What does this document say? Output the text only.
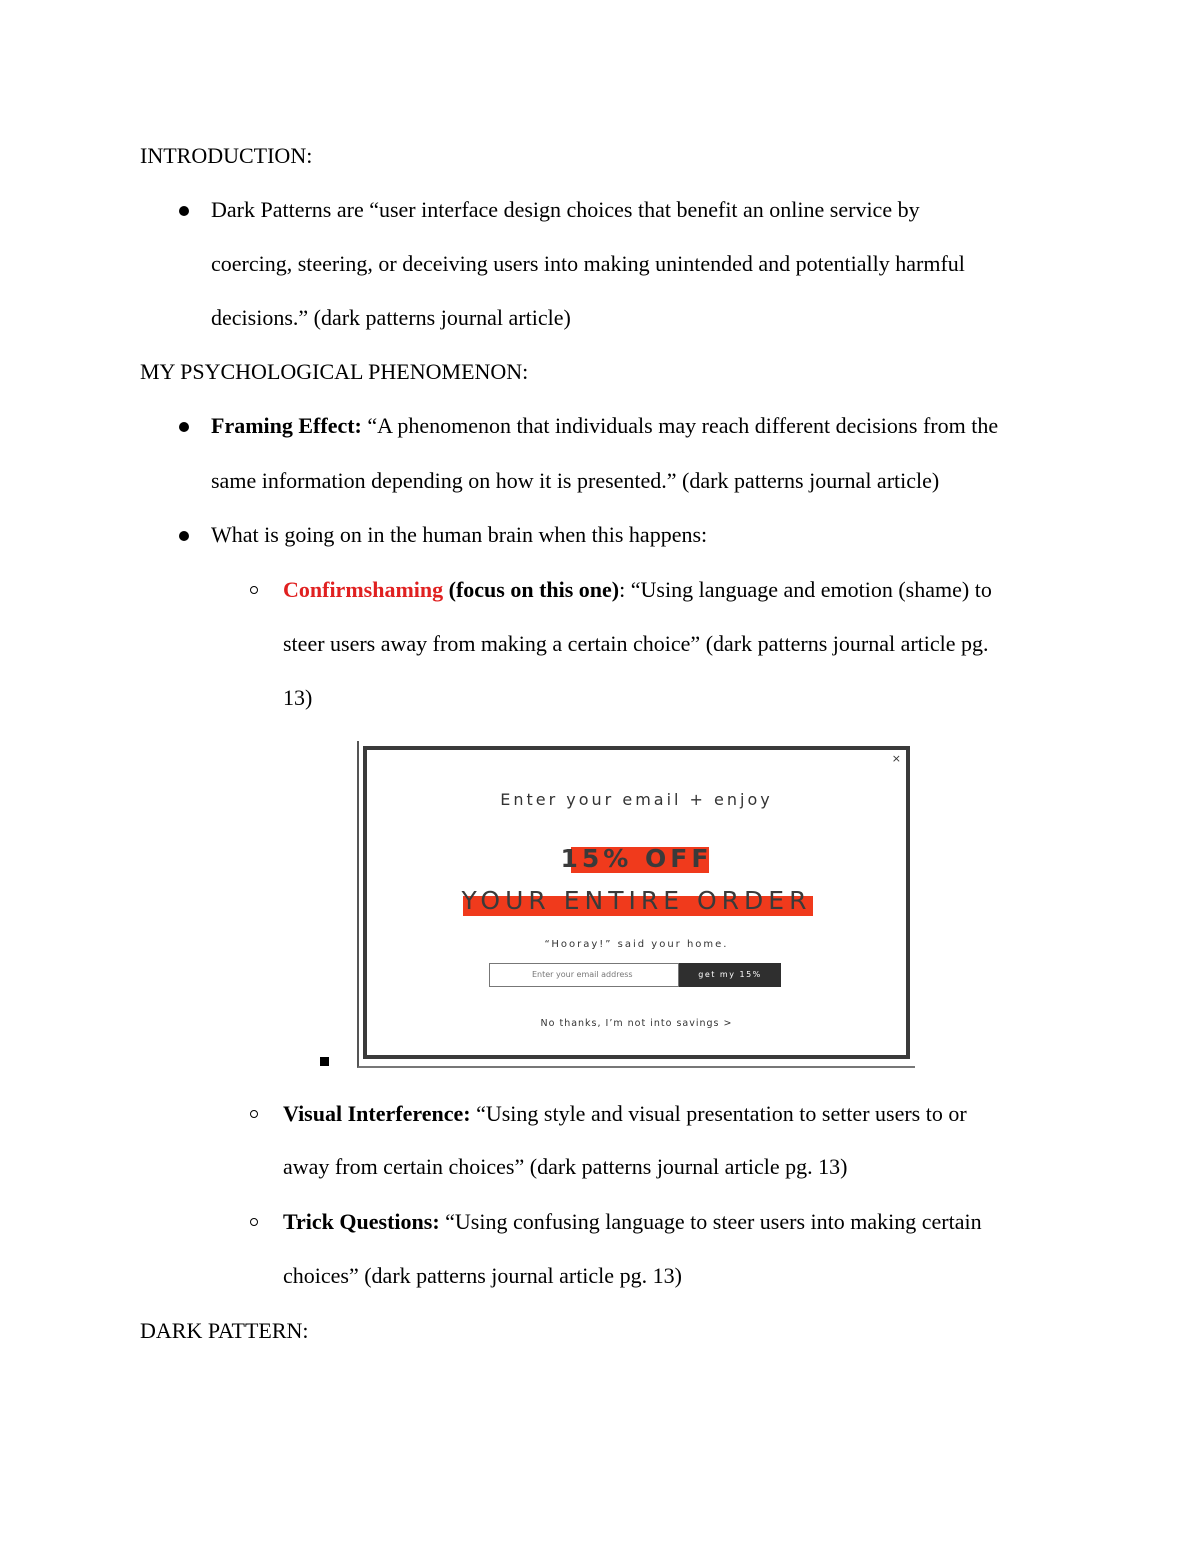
INTRODUCTION:
Dark Patterns are “user interface design choices that benefit an online service by
coercing, steering, or deceiving users into making unintended and potentially harmful
decisions.” (dark patterns journal article)
MY PSYCHOLOGICAL PHENOMENON:
Framing Effect: “A phenomenon that individuals may reach different decisions from the
same information depending on how it is presented.” (dark patterns journal article)
What is going on in the human brain when this happens:
Confirmshaming (focus on this one): “Using language and emotion (shame) to
steer users away from making a certain choice” (dark patterns journal article pg.
13)
×
Enter your email + enjoy
15% OFF
YOUR ENTIRE ORDER
“Hooray!” said your home.
Enter your email address	get my 15%
No thanks, I’m not into savings >
Visual Interference: “Using style and visual presentation to setter users to or
away from certain choices” (dark patterns journal article pg. 13)
Trick Questions: “Using confusing language to steer users into making certain
choices” (dark patterns journal article pg. 13)
DARK PATTERN:
